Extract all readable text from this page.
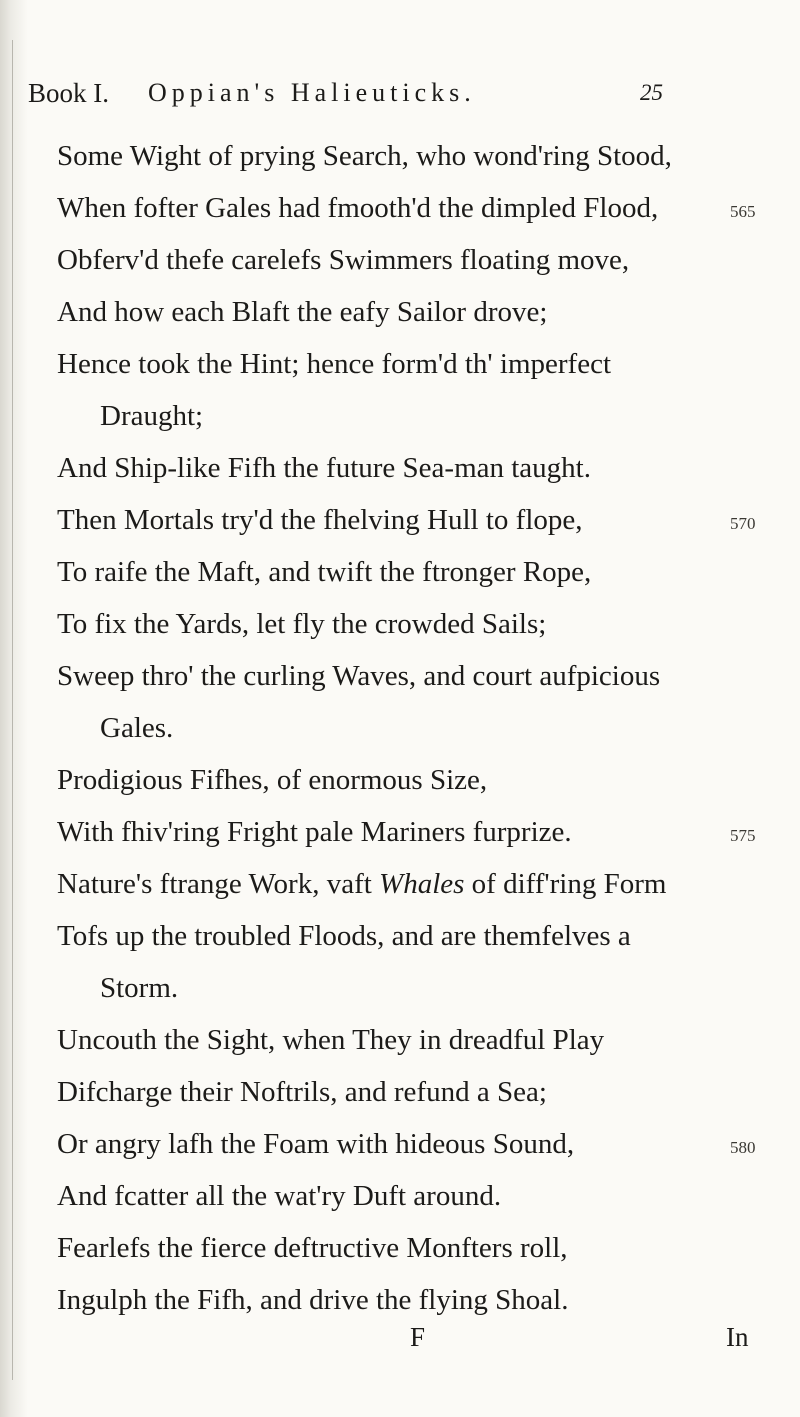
Book I. Oppian's Halieuticks.	25
Some Wight of prying Search, who wond'ring Stood,
When fofter Gales had fmooth'd the dimpled Flood,
Obferv'd thefe carelefs Swimmers floating move,
And how each Blaft the eafy Sailor drove;
Hence took the Hint; hence form'd th' imperfect
Draught;
And Ship-like Fifh the future Sea-man taught.
Then Mortals try'd the fhelving Hull to flope,
To raife the Maft, and twift the ftronger Rope,
To fix the Yards, let fly the crowded Sails;
Sweep thro' the curling Waves, and court aufpicious
Gales.
Prodigious Fifhes, of enormous Size,
With fhiv'ring Fright pale Mariners furprize.
Nature's ftrange Work, vaft Whales of diff'ring Form
Tofs up the troubled Floods, and are themfelves a
Storm.
Uncouth the Sight, when They in dreadful Play
Difcharge their Noftrils, and refund a Sea;
Or angry lafh the Foam with hideous Sound,
And fcatter all the wat'ry Duft around.
Fearlefs the fierce deftructive Monfters roll,
Ingulph the Fifh, and drive the flying Shoal.
565
570
575
580
F	In
